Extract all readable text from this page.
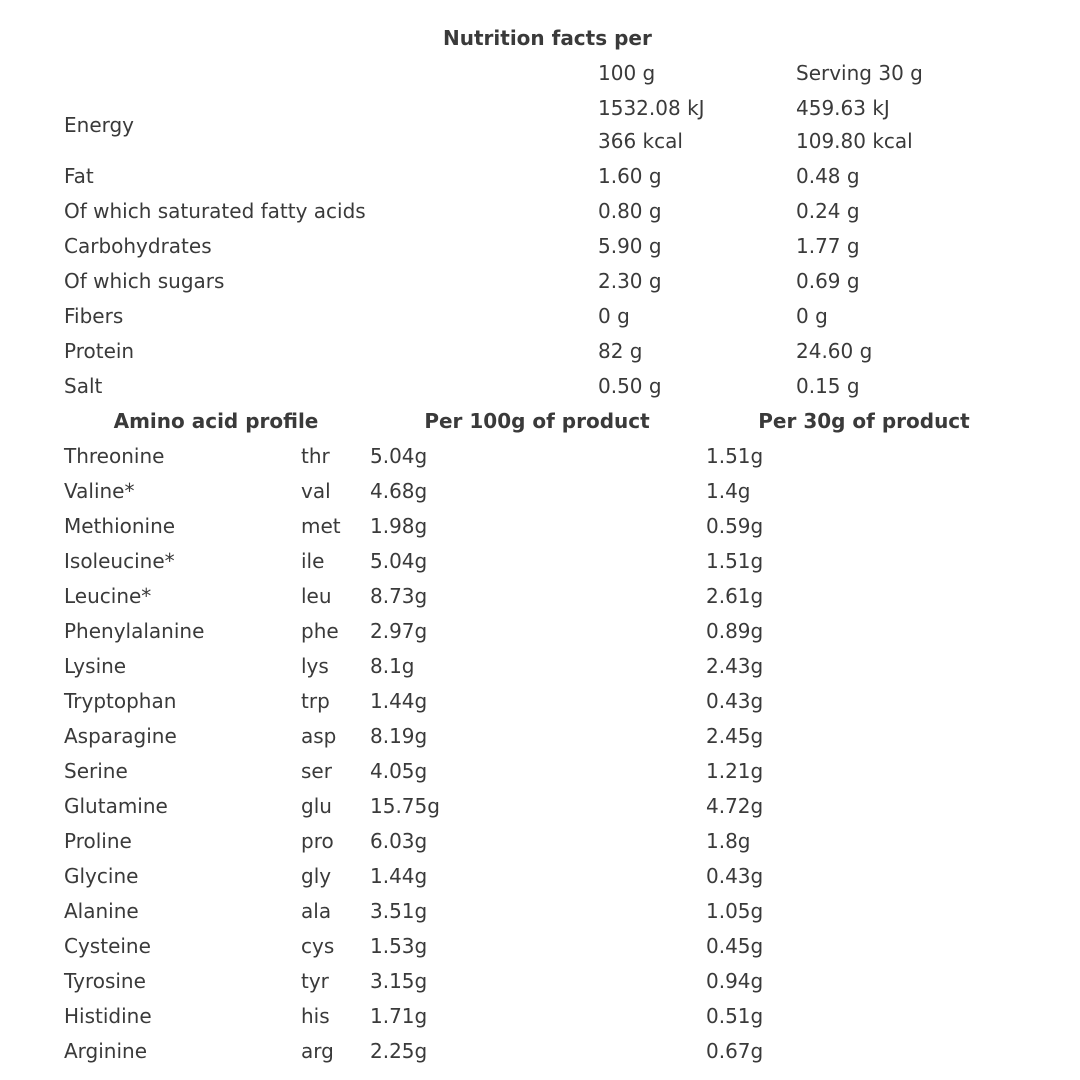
Nutrition facts per
100 g	Serving 30 g
Energy
1532.08 kJ	459.63 kJ
366 kcal	109.80 kcal
Fat	1.60 g	0.48 g
Of which saturated fatty acids	0.80 g	0.24 g
Carbohydrates	5.90 g	1.77 g
Of which sugars	2.30 g	0.69 g
Fibers	0 g	0 g
Protein	82 g	24.60 g
Salt	0.50 g	0.15 g
Amino acid profile	Per 100g of product	Per 30g of product
Threonine	thr 5.04g	1.51g
Valine*	val 4.68g	1.4g
Methionine	met 1.98g	0.59g
Isoleucine*	ile 5.04g	1.51g
Leucine*	leu 8.73g	2.61g
Phenylalanine	phe 2.97g	0.89g
Lysine	lys 8.1g	2.43g
Tryptophan	trp 1.44g	0.43g
Asparagine	asp 8.19g	2.45g
Serine	ser 4.05g	1.21g
Glutamine	glu 15.75g	4.72g
Proline	pro 6.03g	1.8g
Glycine	gly 1.44g	0.43g
Alanine	ala 3.51g	1.05g
Cysteine	cys 1.53g	0.45g
Tyrosine	tyr 3.15g	0.94g
Histidine	his 1.71g	0.51g
Arginine	arg 2.25g	0.67g
